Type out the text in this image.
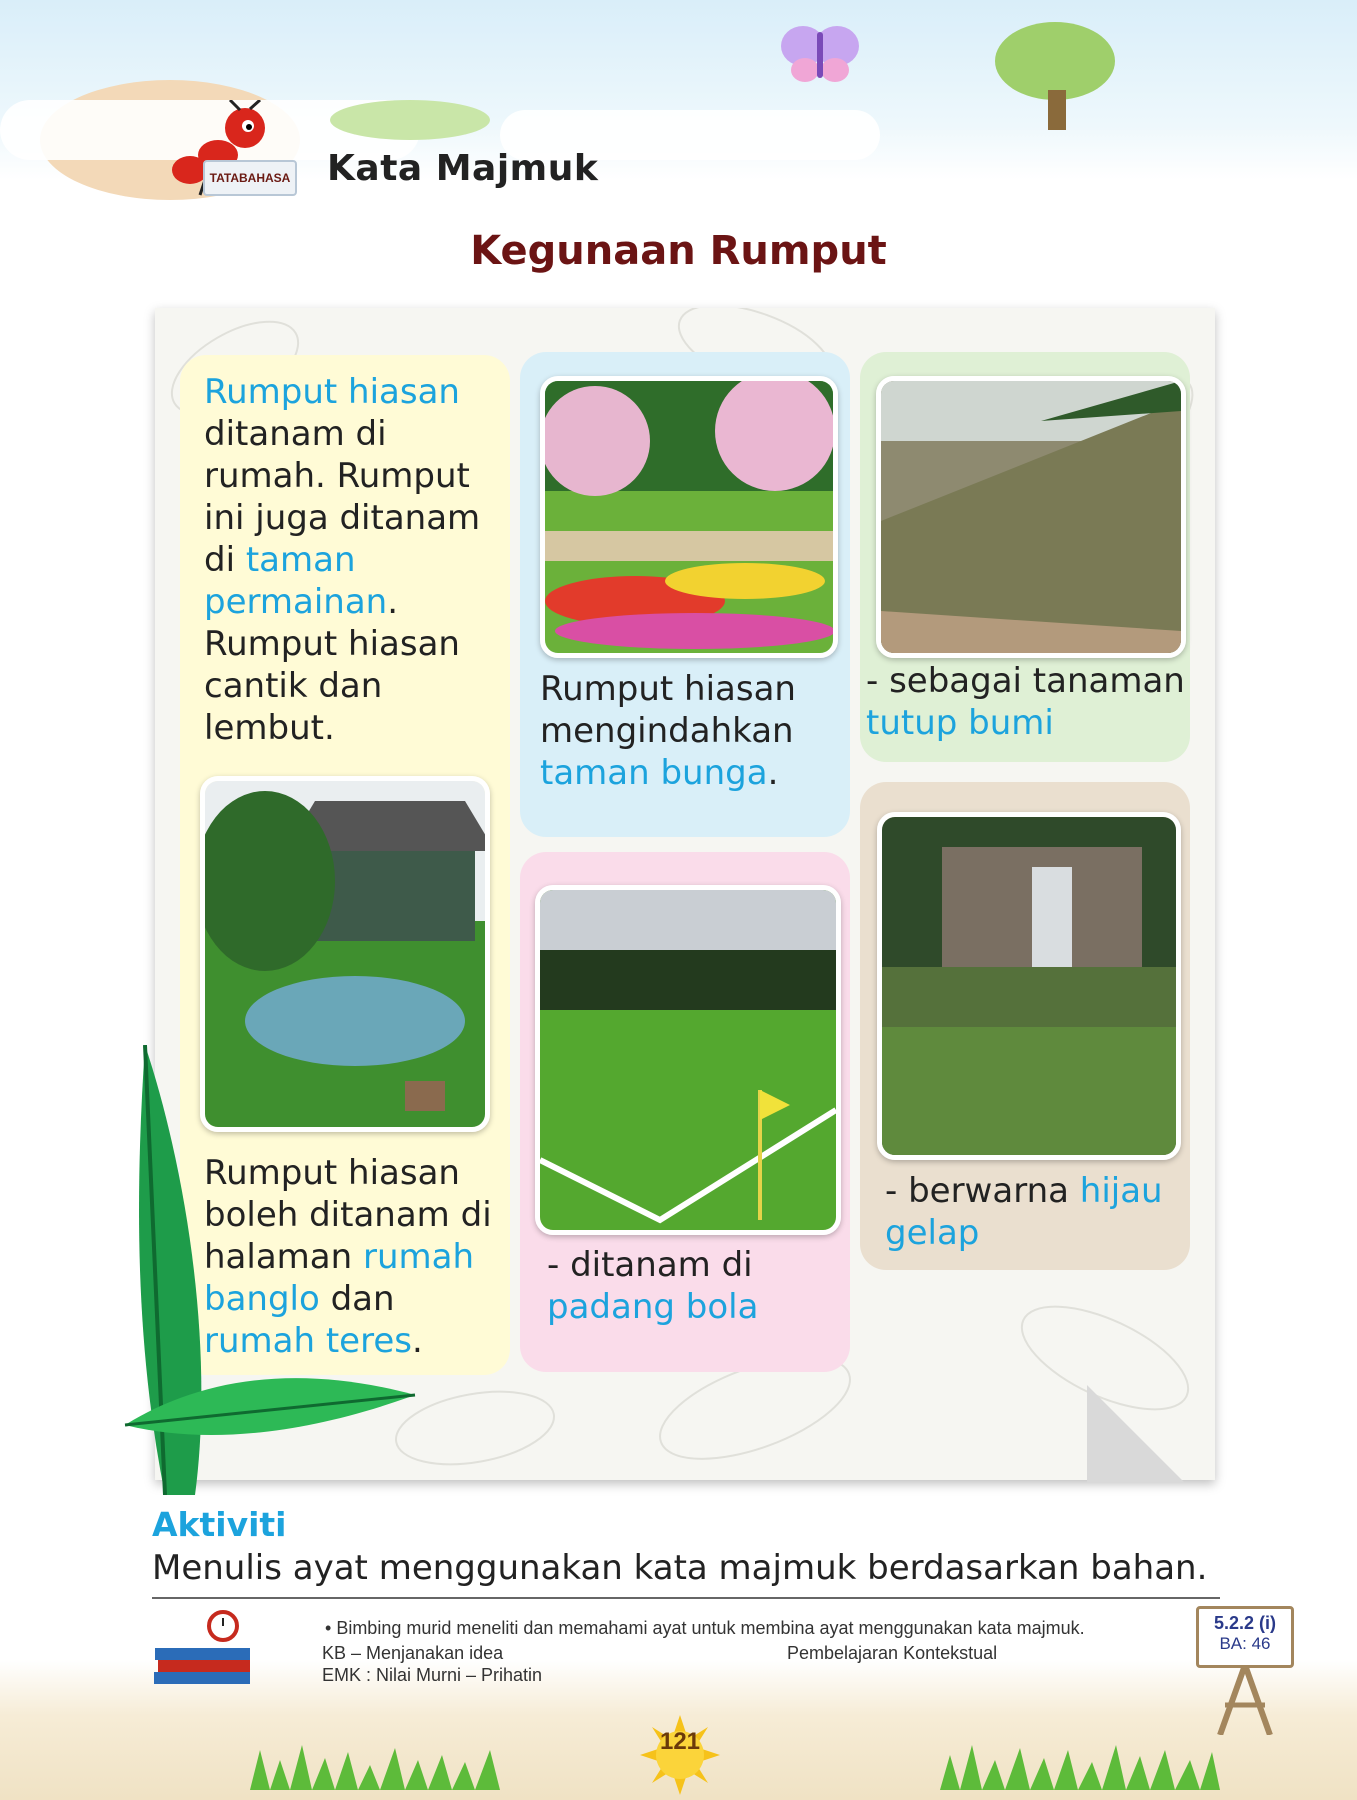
TATABAHASA Kata Majmuk
Kegunaan Rumput
Rumput hiasan ditanam di rumah. Rumput ini juga ditanam di taman permainan. Rumput hiasan cantik dan lembut.
Rumput hiasan mengindahkan taman bunga.
- sebagai tanaman tutup bumi
Rumput hiasan boleh ditanam di halaman rumah banglo dan rumah teres.
- ditanam di padang bola
- berwarna hijau gelap
Aktiviti
Menulis ayat menggunakan kata majmuk berdasarkan bahan.
• Bimbing murid meneliti dan memahami ayat untuk membina ayat menggunakan kata majmuk.
KB – Menjanakan idea	Pembelajaran Kontekstual
EMK : Nilai Murni – Prihatin
5.2.2 (i)
BA: 46
121
